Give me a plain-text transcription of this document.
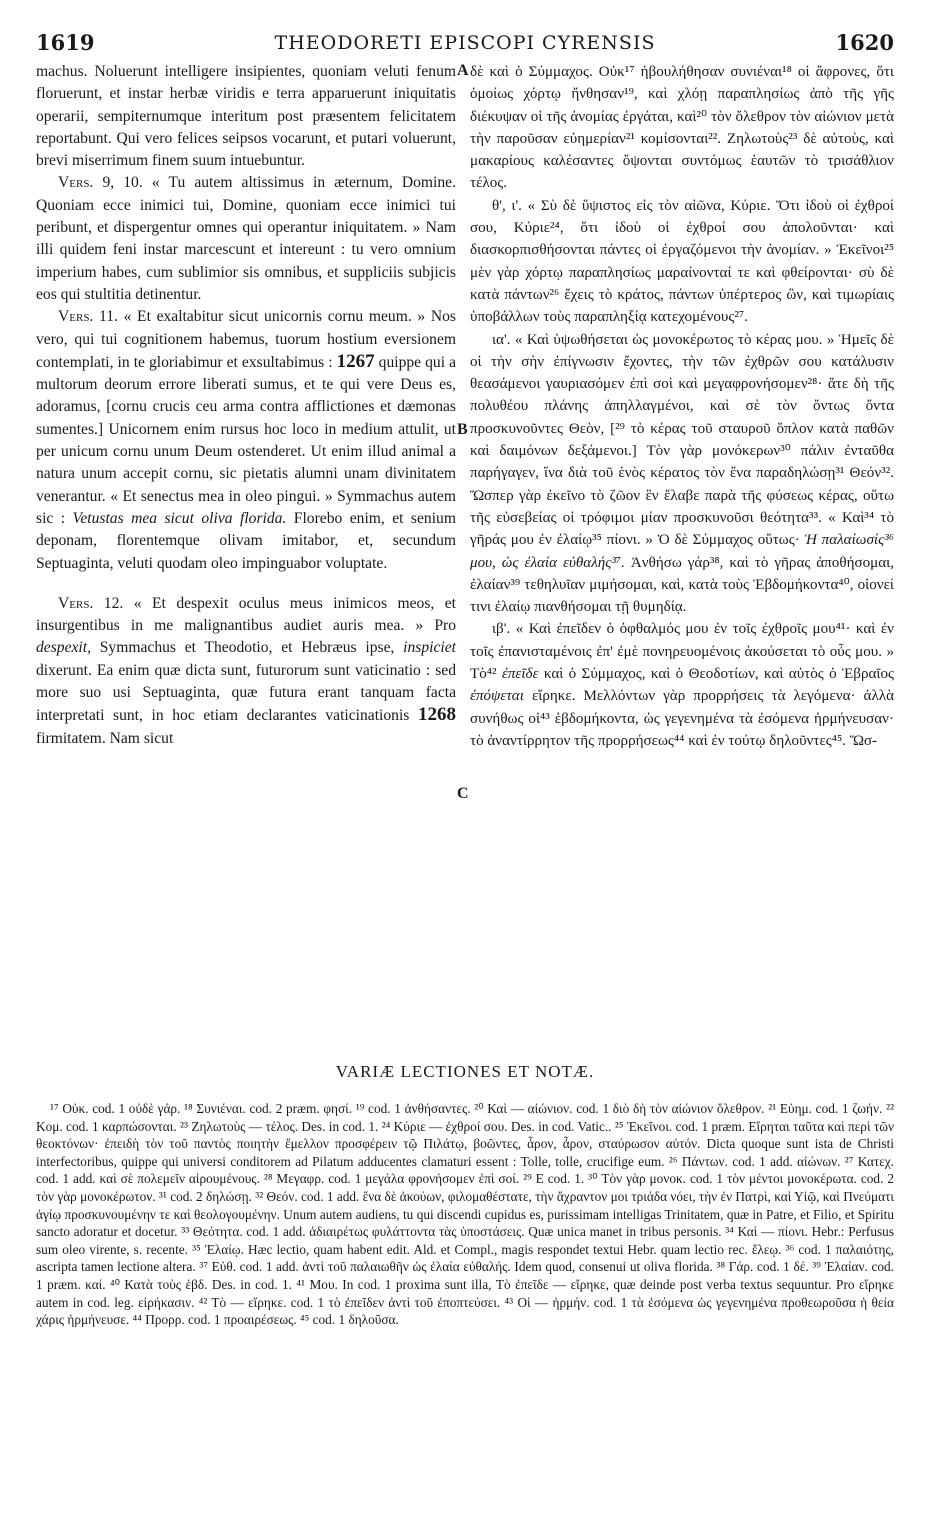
1619	THEODORETI EPISCOPI CYRENSIS	1620
A
B
C

machus. Noluerunt intelligere insipientes, quoniam veluti fenum floruerunt, et instar herbæ viridis e terra apparuerunt iniquitatis operarii, sempiternumque interitum post præsentem felicitatem reportabunt. Qui vero felices seipsos vocarunt, et putari voluerunt, brevi miserrimum finem suum intuebuntur.

Vers. 9, 10. « Tu autem altissimus in æternum, Domine. Quoniam ecce inimici tui, Domine, quoniam ecce inimici tui peribunt, et dispergentur omnes qui operantur iniquitatem. » Nam illi quidem feni instar marcescunt et intereunt : tu vero omnium imperium habes, cum sublimior sis omnibus, et suppliciis subjicis eos qui stultitia detinentur.

Vers. 11. « Et exaltabitur sicut unicornis cornu meum. » Nos vero, qui tui cognitionem habemus, tuorum hostium eversionem contemplati, in te gloriabimur et exsultabimus : 1267 quippe qui a multorum deorum errore liberati sumus, et te qui vere Deus es, adoramus, [cornu crucis ceu arma contra afflictiones et dæmonas sumentes.] Unicornem enim rursus hoc loco in medium attulit, ut per unicum cornu unum Deum ostenderet. Ut enim illud animal a natura unum accepit cornu, sic pietatis alumni unam divinitatem venerantur. « Et senectus mea in oleo pingui. » Symmachus autem sic : Vetustas mea sicut oliva florida. Florebo enim, et senium deponam, florentemque olivam imitabor, et, secundum Septuaginta, veluti quodam oleo impinguabor voluptate.

Vers. 12. « Et despexit oculus meus inimicos meos, et insurgentibus in me malignantibus audiet auris mea. » Pro despexit, Symmachus et Theodotio, et Hebræus ipse, inspiciet dixerunt. Ea enim quæ dicta sunt, futurorum sunt vaticinatio : sed more suo usi Septuaginta, quæ futura erant tanquam facta interpretati sunt, in hoc etiam declarantes vaticinationis 1268 firmitatem. Nam sicut

δὲ καὶ ὁ Σύμμαχος. Οὐκ¹⁷ ἠβουλήθησαν συνιέναι¹⁸ οἱ ἄφρονες, ὅτι ὁμοίως χόρτῳ ἤνθησαν¹⁹, καὶ χλόῃ παραπλησίως ἀπὸ τῆς γῆς διέκυψαν οἱ τῆς ἀνομίας ἐργάται, καὶ²⁰ τὸν ὄλεθρον τὸν αἰώνιον μετὰ τὴν παροῦσαν εὐημερίαν²¹ κομίσονται²². Ζηλωτοὺς²³ δὲ αὐτοὺς, καὶ μακαρίους καλέσαντες ὄψονται συντόμως ἑαυτῶν τὸ τρισάθλιον τέλος.

θ', ι'. « Σὺ δὲ ὕψιστος εἰς τὸν αἰῶνα, Κύριε. Ὅτι ἰδοὺ οἱ ἐχθροί σου, Κύριε²⁴, ὅτι ἰδοὺ οἱ ἐχθροί σου ἀπολοῦνται· καὶ διασκορπισθήσονται πάντες οἱ ἐργαζόμενοι τὴν ἀνομίαν. » Ἐκεῖνοι²⁵ μὲν γὰρ χόρτῳ παραπλησίως μαραίνονταί τε καὶ φθείρονται· σὺ δὲ κατὰ πάντων²⁶ ἔχεις τὸ κράτος, πάντων ὑπέρτερος ὢν, καὶ τιμωρίαις ὑποβάλλων τοὺς παραπληξίᾳ κατεχομένους²⁷.

ια'. « Καὶ ὑψωθήσεται ὡς μονοκέρωτος τὸ κέρας μου. » Ἡμεῖς δὲ οἱ τὴν σὴν ἐπίγνωσιν ἔχοντες, τὴν τῶν ἐχθρῶν σου κατάλυσιν θεασάμενοι γαυριασόμεν ἐπὶ σοὶ καὶ μεγαφρονήσομεν²⁸· ἅτε δὴ τῆς πολυθέου πλάνης ἀπηλλαγμένοι, καὶ σὲ τὸν ὄντως ὄντα προσκυνοῦντες Θεὸν, [²⁹ τὸ κέρας τοῦ σταυροῦ ὅπλον κατὰ παθῶν καὶ δαιμόνων δεξάμενοι.] Τὸν γὰρ μονόκερων³⁰ πάλιν ἐνταῦθα παρήγαγεν, ἵνα διὰ τοῦ ἑνὸς κέρατος τὸν ἕνα παραδηλώσῃ³¹ Θεόν³². Ὥσπερ γὰρ ἐκεῖνο τὸ ζῶον ἓν ἔλαβε παρὰ τῆς φύσεως κέρας, οὕτω τῆς εὐσεβείας οἱ τρόφιμοι μίαν προσκυνοῦσι θεότητα³³. « Καὶ³⁴ τὸ γῆράς μου ἐν ἐλαίῳ³⁵ πίονι. » Ὁ δὲ Σύμμαχος οὕτως· Ἡ παλαίωσίς³⁶ μου, ὡς ἐλαία εὐθαλής³⁷. Ἀνθήσω γάρ³⁸, καὶ τὸ γῆρας ἀποθήσομαι, ἐλαίαν³⁹ τεθηλυῖαν μιμήσομαι, καὶ, κατὰ τοὺς Ἑβδομήκοντα⁴⁰, οἱονεί τινι ἐλαίῳ πιανθήσομαι τῇ θυμηδίᾳ.

ιβ'. « Καὶ ἐπεῖδεν ὁ ὀφθαλμός μου ἐν τοῖς ἐχθροῖς μου⁴¹· καὶ ἐν τοῖς ἐπανισταμένοις ἐπ' ἐμὲ πονηρευομένοις ἀκούσεται τὸ οὖς μου. » Τὸ⁴² ἐπεῖδε καὶ ὁ Σύμμαχος, καὶ ὁ Θεοδοτίων, καὶ αὐτὸς ὁ Ἑβραῖος ἐπόψεται εἴρηκε. Μελλόντων γὰρ προρρήσεις τὰ λεγόμενα· ἀλλὰ συνήθως οἱ⁴³ ἑβδομήκοντα, ὡς γεγενημένα τὰ ἐσόμενα ἡρμήνευσαν· τὸ ἀναντίρρητον τῆς προρρήσεως⁴⁴ καὶ ἐν τούτῳ δηλοῦντες⁴⁵. Ὥσ-

VARIÆ LECTIONES ET NOTÆ.

¹⁷ Οὐκ. cod. 1 οὐδὲ γάρ. ¹⁸ Συνιέναι. cod. 2 præm. φησί. ¹⁹ cod. 1 ἀνθήσαντες. ²⁰ Καὶ — αἰώνιον. cod. 1 διὸ δὴ τὸν αἰώνιον ὄλεθρον. ²¹ Εὐημ. cod. 1 ζωήν. ²² Κομ. cod. 1 καρπώσονται. ²³ Ζηλωτοὺς — τέλος. Des. in cod. 1. ²⁴ Κύριε — ἐχθροί σου. Des. in cod. Vatic.. ²⁵ Ἐκεῖνοι. cod. 1 præm. Εἴρηται ταῦτα καὶ περὶ τῶν θεοκτόνων· ἐπειδὴ τὸν τοῦ παντὸς ποιητὴν ἔμελλον προσφέρειν τῷ Πιλάτῳ, βοῶντες, ἆρον, ἆρον, σταύρωσον αὐτόν. Dicta quoque sunt ista de Christi interfectoribus, quippe qui universi conditorem ad Pilatum adducentes clamaturi essent : Tolle, tolle, crucifige eum. ²⁶ Πάντων. cod. 1 add. αἰώνων. ²⁷ Κατεχ. cod. 1 add. καὶ σὲ πολεμεῖν αἱρουμένους. ²⁸ Μεγαφρ. cod. 1 μεγάλα φρονήσομεν ἐπὶ σοί. ²⁹ E cod. 1. ³⁰ Τὸν γὰρ μονοκ. cod. 1 τὸν μέντοι μονοκέρωτα. cod. 2 τὸν γὰρ μονοκέρωτον. ³¹ cod. 2 δηλώσῃ. ³² Θεόν. cod. 1 add. ἕνα δὲ ἀκούων, φιλομαθέστατε, τὴν ἄχραντον μοι τριάδα νόει, τὴν ἐν Πατρὶ, καὶ Υἱῷ, καὶ Πνεύματι ἁγίῳ προσκυνουμένην τε καὶ θεολογουμένην. Unum autem audiens, tu qui discendi cupidus es, purissimam intelligas Trinitatem, quæ in Patre, et Filio, et Spiritu sancto adoratur et docetur. ³³ Θεότητα. cod. 1 add. ἀδιαιρέτως φυλάττοντα τὰς ὑποστάσεις. Quæ unica manet in tribus personis. ³⁴ Καὶ — πίονι. Hebr.: Perfusus sum oleo virente, s. recente. ³⁵ Ἐλαίῳ. Hæc lectio, quam habent edit. Ald. et Compl., magis respondet textui Hebr. quam lectio rec. ἔλεῳ. ³⁶ cod. 1 παλαιότης, ascripta tamen lectione altera. ³⁷ Εὐθ. cod. 1 add. ἀντὶ τοῦ παλαιωθῆν ὡς ἐλαία εὐθαλής. Idem quod, consenui ut oliva florida. ³⁸ Γάρ. cod. 1 δέ. ³⁹ Ἐλαίαν. cod. 1 præm. καί. ⁴⁰ Κατὰ τοὺς ἑβδ. Des. in cod. 1. ⁴¹ Μου. In cod. 1 proxima sunt illa, Τὸ ἐπεῖδε — εἴρηκε, quæ deinde post verba textus sequuntur. Pro εἴρηκε autem in cod. leg. εἰρήκασιν. ⁴² Τὸ — εἴρηκε. cod. 1 τὸ ἐπεῖδεν ἀντὶ τοῦ ἐποπτεύσει. ⁴³ Οἱ — ἡρμήν. cod. 1 τὰ ἐσόμενα ὡς γεγενημένα προθεωροῦσα ἡ θεία χάρις ἡρμήνευσε. ⁴⁴ Προρρ. cod. 1 προαιρέσεως. ⁴⁵ cod. 1 δηλοῦσα.
